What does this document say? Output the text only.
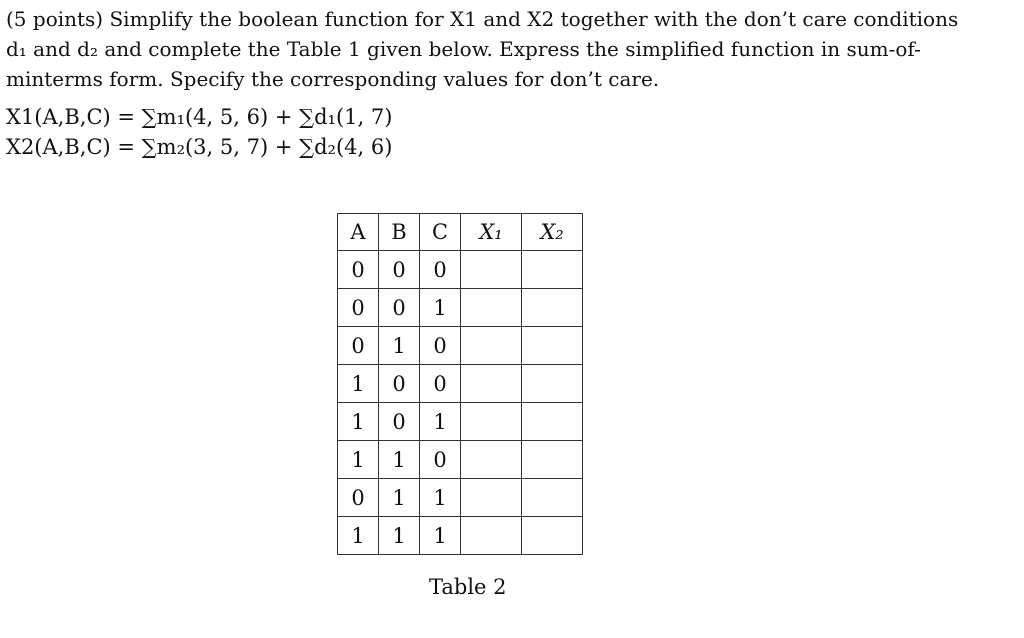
(5 points) Simplify the boolean function for X1 and X2 together with the don’t care conditions
d₁ and d₂ and complete the Table 1 given below. Express the simplified function in sum-of-
minterms form. Specify the corresponding values for don’t care.

X1(A,B,C) = ∑m₁(4, 5, 6) + ∑d₁(1, 7)
X2(A,B,C) = ∑m₂(3, 5, 7) + ∑d₂(4, 6)
A	B	C	X₁	X₂
0	0	0		
0	0	1		
0	1	0		
1	0	0		
1	0	1		
1	1	0		
0	1	1		
1	1	1		
Table 2
